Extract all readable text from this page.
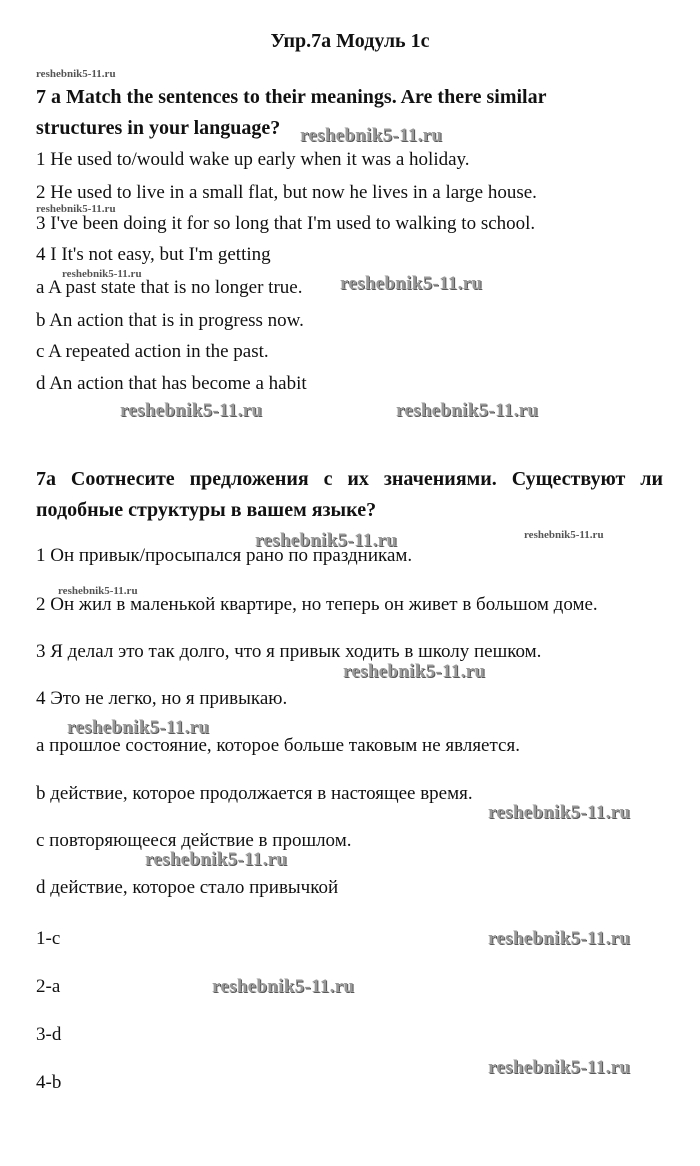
Упр.7а Модуль 1с
7 a Match the sentences to their meanings. Are there similar
structures in your language?
1 He used to/would wake up early when it was a holiday.
2 He used to live in a small flat, but now he lives in a large house.
3 I've been doing it for so long that I'm used to walking to school.
4 I It's not easy, but I'm getting
a A past state that is no longer true.
b An action that is in progress now.
c A repeated action in the past.
d An action that has become a habit
7а Соотнесите предложения с их значениями. Существуют ли
подобные структуры в вашем языке?
1 Он привык/просыпался рано по праздникам.
2 Он жил в маленькой квартире, но теперь он живет в большом доме.
3 Я делал это так долго, что я привык ходить в школу пешком.
4 Это не легко, но я привыкаю.
a прошлое состояние, которое больше таковым не является.
b действие, которое продолжается в настоящее время.
c повторяющееся действие в прошлом.
d действие, которое стало привычкой
1-c
2-a
3-d
4-b
reshebnik5-11.ru
reshebnik5-11.ru
reshebnik5-11.ru
reshebnik5-11.ru	reshebnik5-11.ru
reshebnik5-11.ru	reshebnik5-11.ru
reshebnik5-11.ru	reshebnik5-11.ru
reshebnik5-11.ru
reshebnik5-11.ru
reshebnik5-11.ru
reshebnik5-11.ru
reshebnik5-11.ru
reshebnik5-11.ru
reshebnik5-11.ru
reshebnik5-11.ru
